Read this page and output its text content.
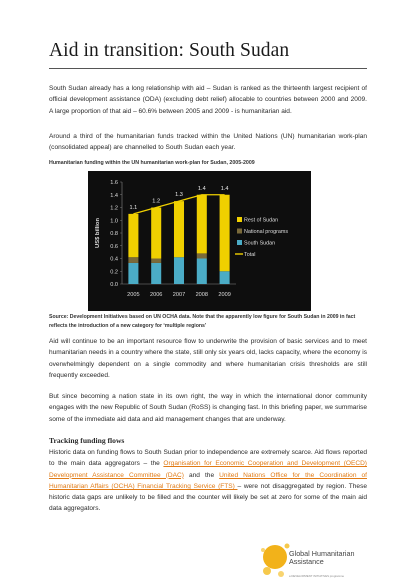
Aid in transition: South Sudan
South Sudan already has a long relationship with aid – Sudan is ranked as the thirteenth largest recipient of official development assistance (ODA) (excluding debt relief) allocable to countries between 2000 and 2009. A large proportion of that aid – 60.6% between 2005 and 2009 - is humanitarian aid.
Around a third of the humanitarian funds tracked within the United Nations (UN) humanitarian work-plan (consolidated appeal) are channelled to South Sudan each year.
Humanitarian funding within the UN humanitarian work-plan for Sudan, 2005-2009
0.0
0.2
0.4
0.6
0.8
1.0
1.2
1.4
1.6
US$ billion
1.1
1.2
1.3
1.4	1.4
2005 2006 2007 2008 2009
Rest of Sudan
National programs
South Sudan
Total
Source: Development Initiatives based on UN OCHA data. Note that the apparently low figure for South Sudan in 2009 in fact reflects the introduction of a new category for ‘multiple regions’
Aid will continue to be an important resource flow to underwrite the provision of basic services and to meet humanitarian needs in a country where the state, still only six years old, lacks capacity, where the economy is overwhelmingly dependent on a single commodity and where humanitarian crisis thresholds are still frequently exceeded.
But since becoming a nation state in its own right, the way in which the international donor community engages with the new Republic of South Sudan (RoSS) is changing fast. In this briefing paper, we summarise some of the immediate aid data and aid management changes that are underway.
Tracking funding flows
Historic data on funding flows to South Sudan prior to independence are extremely scarce. Aid flows reported to the main data aggregators – the Organisation for Economic Cooperation and Development (OECD) Development Assistance Committee (DAC) and the United Nations Office for the Coordination of Humanitarian Affairs (OCHA) Financial Tracking Service (FTS) – were not disaggregated by region. These historic data gaps are unlikely to be filled and the counter will likely be set at zero for some of the main aid data aggregators.
Global Humanitarian
Assistance
a DEVELOPMENT INITIATIVES programme
